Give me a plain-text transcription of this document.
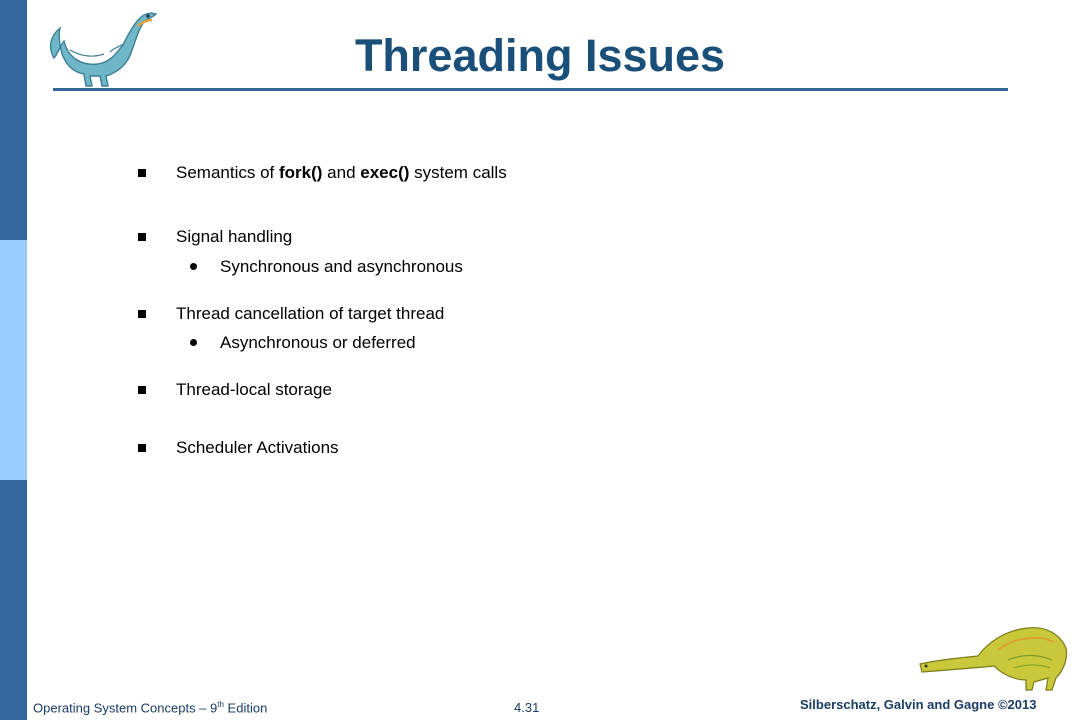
Threading Issues
Semantics of fork() and exec() system calls
Signal handling
Synchronous and asynchronous
Thread cancellation of target thread
Asynchronous or deferred
Thread-local storage
Scheduler Activations
Operating System Concepts – 9th Edition	4.31	Silberschatz, Galvin and Gagne ©2013
